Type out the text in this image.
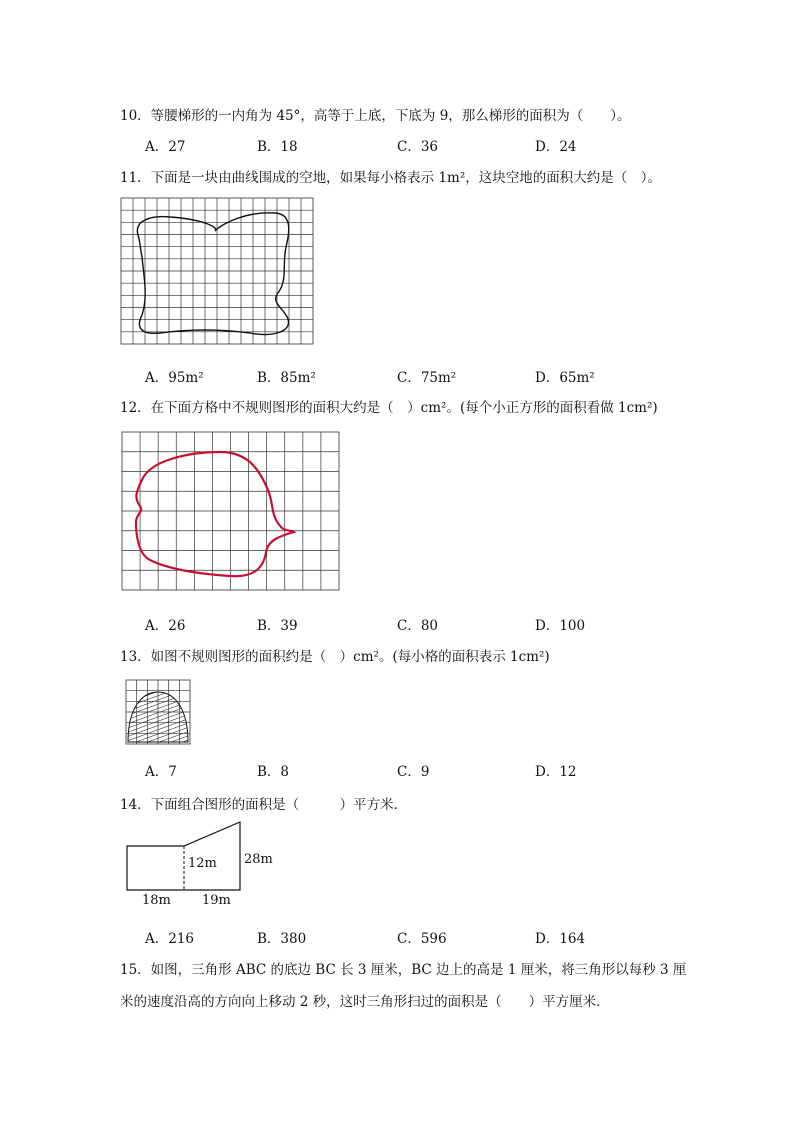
10．等腰梯形的一内角为 45°，高等于上底，下底为 9，那么梯形的面积为（　　）。
A．27	B．18	C．36	D．24
11．下面是一块由曲线围成的空地，如果每小格表示 1m²，这块空地的面积大约是（　）。
A．95m²	B．85m²	C．75m²	D．65m²
12．在下面方格中不规则图形的面积大约是（　）cm²。(每个小正方形的面积看做 1cm²)
A．26	B．39	C．80	D．100
13．如图不规则图形的面积约是（　）cm²。(每小格的面积表示 1cm²)
A．7	B．8	C．9	D．12
14．下面组合图形的面积是（　　　）平方米．
12m 28m
18m 19m
A．216	B．380	C．596	D．164
15．如图，三角形 ABC 的底边 BC 长 3 厘米，BC 边上的高是 1 厘米，将三角形以每秒 3 厘
米的速度沿高的方向向上移动 2 秒，这时三角形扫过的面积是（　　）平方厘米．
